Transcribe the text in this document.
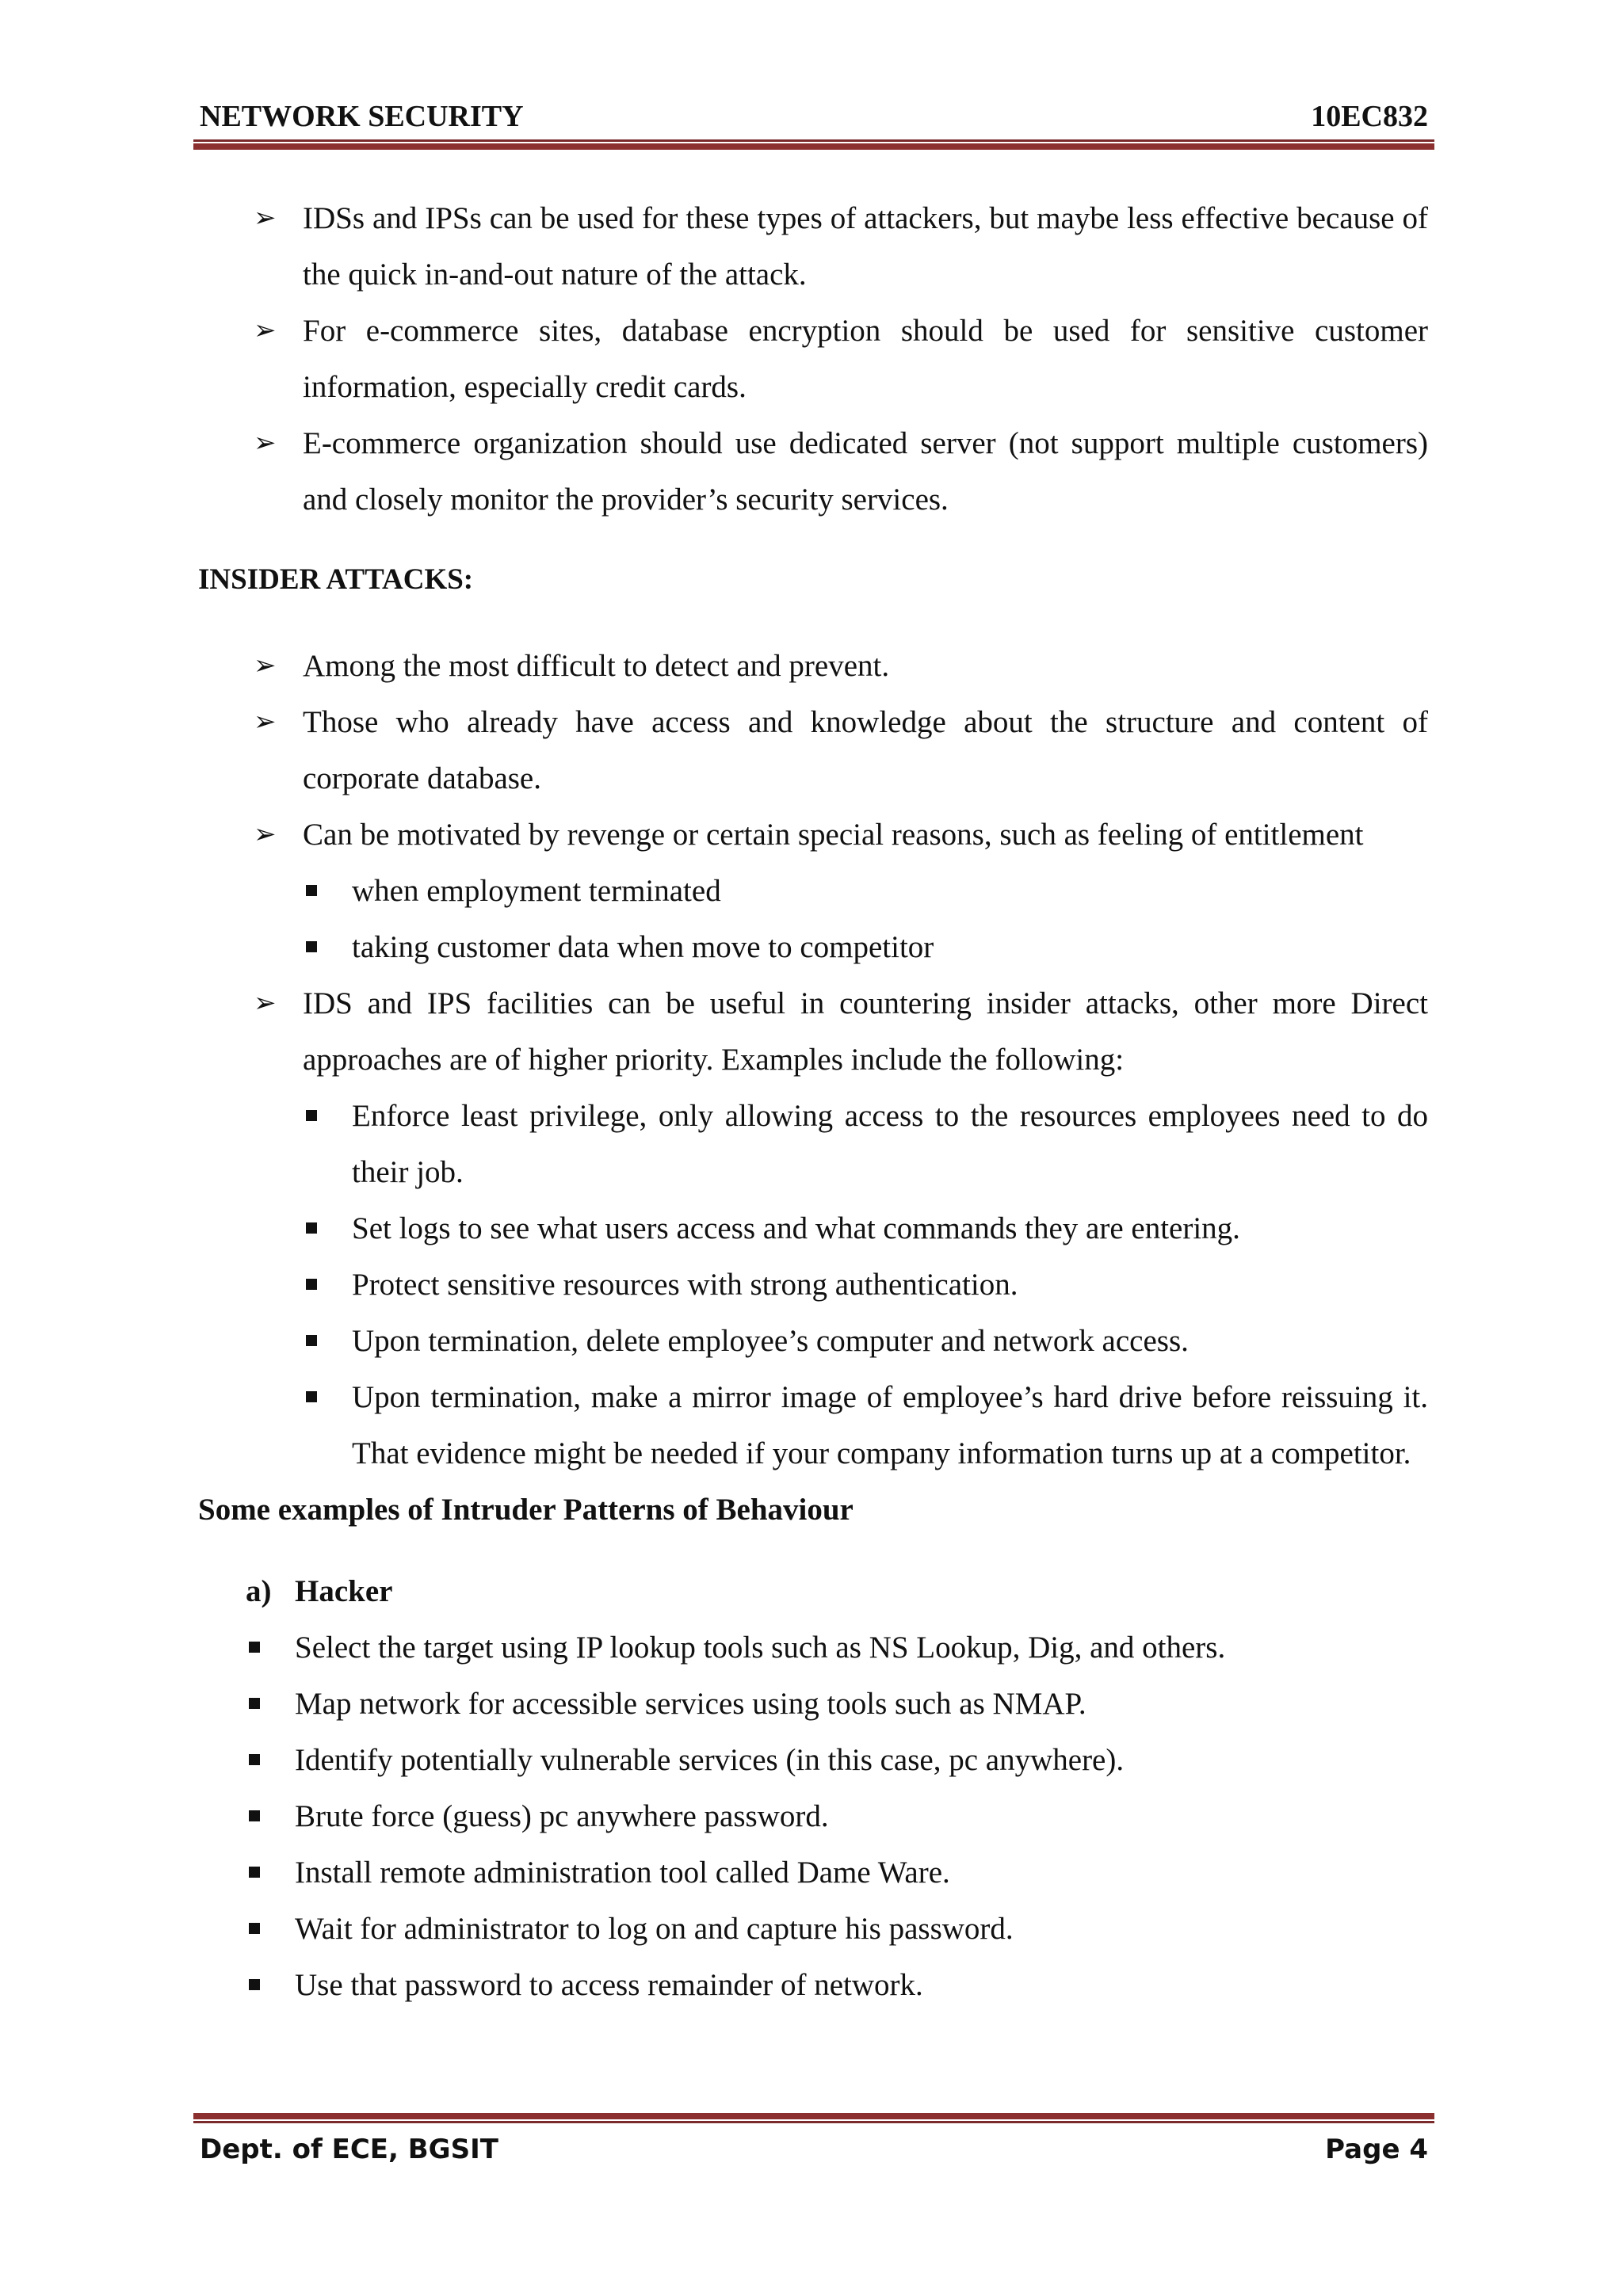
NETWORK SECURITY	10EC832
➢ IDSs and IPSs can be used for these types of attackers, but maybe less effective because of the quick in-and-out nature of the attack.
➢ For e-commerce sites, database encryption should be used for sensitive customer information, especially credit cards.
➢ E-commerce organization should use dedicated server (not support multiple customers) and closely monitor the provider’s security services.
INSIDER ATTACKS:
➢ Among the most difficult to detect and prevent.
➢ Those who already have access and knowledge about the structure and content of corporate database.
➢ Can be motivated by revenge or certain special reasons, such as feeling of entitlement
when employment terminated
taking customer data when move to competitor
➢ IDS and IPS facilities can be useful in countering insider attacks, other more Direct approaches are of higher priority. Examples include the following:
Enforce least privilege, only allowing access to the resources employees need to do their job.
Set logs to see what users access and what commands they are entering.
Protect sensitive resources with strong authentication.
Upon termination, delete employee’s computer and network access.
Upon termination, make a mirror image of employee’s hard drive before reissuing it. That evidence might be needed if your company information turns up at a competitor.
Some examples of Intruder Patterns of Behaviour
a) Hacker
Select the target using IP lookup tools such as NS Lookup, Dig, and others.
Map network for accessible services using tools such as NMAP.
Identify potentially vulnerable services (in this case, pc anywhere).
Brute force (guess) pc anywhere password.
Install remote administration tool called Dame Ware.
Wait for administrator to log on and capture his password.
Use that password to access remainder of network.
Dept. of ECE, BGSIT	Page 4
